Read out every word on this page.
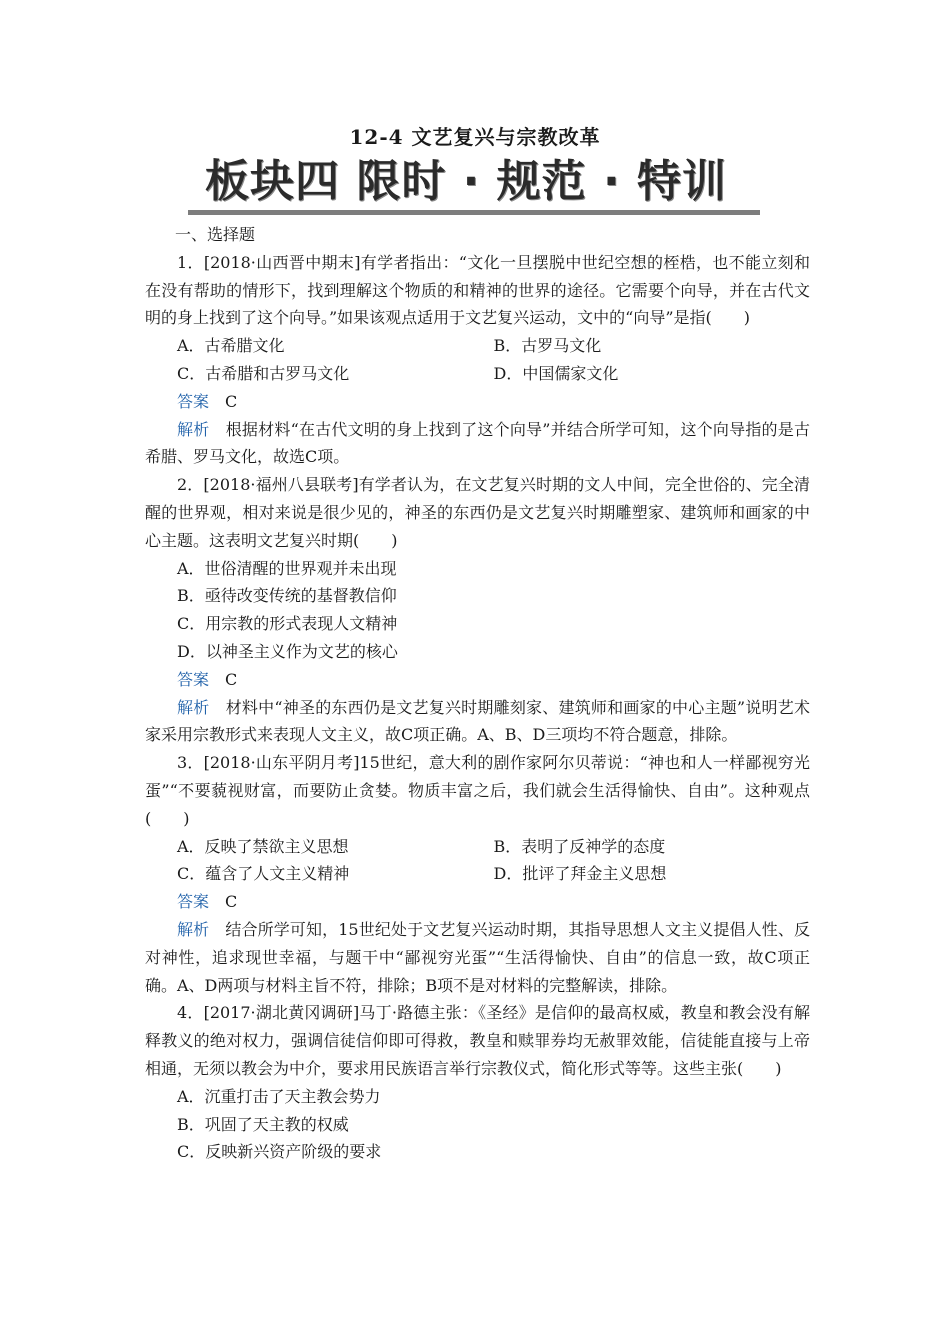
12-4 文艺复兴与宗教改革
板块四 限时 · 规范 · 特训

一、选择题

1．[2018·山西晋中期末]有学者指出：“文化一旦摆脱中世纪空想的桎梏，也不能立刻和在没有帮助的情形下，找到理解这个物质的和精神的世界的途径。它需要个向导，并在古代文明的身上找到了这个向导。”如果该观点适用于文艺复兴运动，文中的“向导”是指(　　)

A．古希腊文化	B．古罗马文化
C．古希腊和古罗马文化	D．中国儒家文化
答案　 C

解析　 根据材料“在古代文明的身上找到了这个向导”并结合所学可知，这个向导指的是古希腊、罗马文化，故选C项。

2．[2018·福州八县联考]有学者认为，在文艺复兴时期的文人中间，完全世俗的、完全清醒的世界观，相对来说是很少见的，神圣的东西仍是文艺复兴时期雕塑家、建筑师和画家的中心主题。这表明文艺复兴时期(　　)

A．世俗清醒的世界观并未出现
B．亟待改变传统的基督教信仰
C．用宗教的形式表现人文精神
D．以神圣主义作为文艺的核心
答案　 C

解析　 材料中“神圣的东西仍是文艺复兴时期雕刻家、建筑师和画家的中心主题”说明艺术家采用宗教形式来表现人文主义，故C项正确。A、B、D三项均不符合题意，排除。

3．[2018·山东平阴月考]15世纪，意大利的剧作家阿尔贝蒂说：“神也和人一样鄙视穷光蛋”“不要藐视财富，而要防止贪婪。物质丰富之后，我们就会生活得愉快、自由”。这种观点(　　)

A．反映了禁欲主义思想	B．表明了反神学的态度
C．蕴含了人文主义精神	D．批评了拜金主义思想
答案　 C

解析　 结合所学可知，15世纪处于文艺复兴运动时期，其指导思想人文主义提倡人性、反对神性，追求现世幸福，与题干中“鄙视穷光蛋”“生活得愉快、自由”的信息一致，故C项正确。A、D两项与材料主旨不符，排除；B项不是对材料的完整解读，排除。

4．[2017·湖北黄冈调研]马丁·路德主张：《圣经》是信仰的最高权威，教皇和教会没有解释教义的绝对权力，强调信徒信仰即可得救，教皇和赎罪券均无赦罪效能，信徒能直接与上帝相通，无须以教会为中介，要求用民族语言举行宗教仪式，简化形式等等。这些主张(　　)

A．沉重打击了天主教会势力
B．巩固了天主教的权威
C．反映新兴资产阶级的要求
